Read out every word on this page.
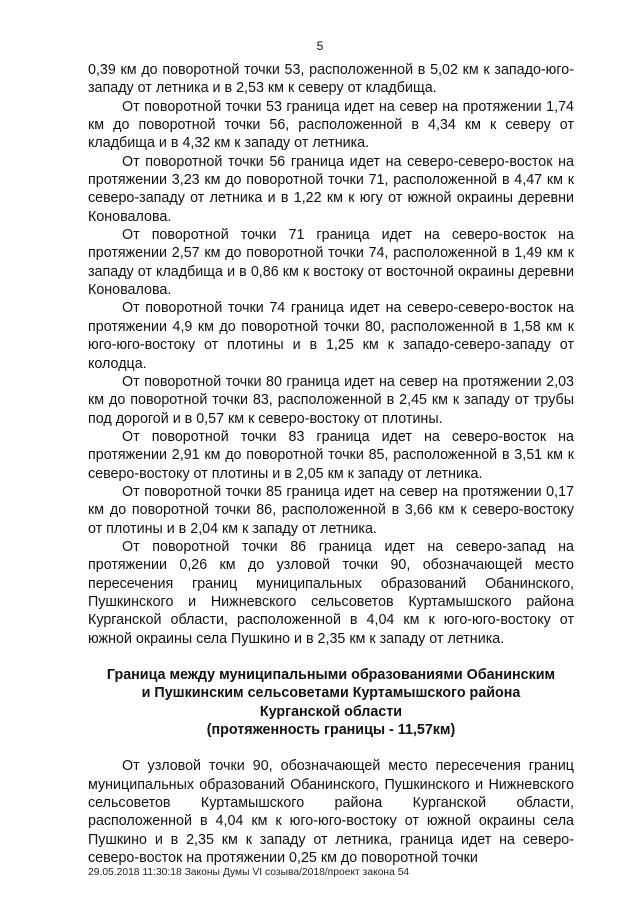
5

0,39 км до поворотной точки 53, расположенной в 5,02 км к западо-юго-западу от летника и в 2,53 км к северу от кладбища.

От поворотной точки 53 граница идет на север на протяжении 1,74 км до поворотной точки 56, расположенной в 4,34 км к северу от кладбища и в 4,32 км к западу от летника.

От поворотной точки 56 граница идет на северо-северо-восток на протяжении 3,23 км до поворотной точки 71, расположенной в 4,47 км к северо-западу от летника и в 1,22 км к югу от южной окраины деревни Коновалова.

От поворотной точки 71 граница идет на северо-восток на протяжении 2,57 км до поворотной точки 74, расположенной в 1,49 км к западу от кладбища и в 0,86 км к востоку от восточной окраины деревни Коновалова.

От поворотной точки 74 граница идет на северо-северо-восток на протяжении 4,9 км до поворотной точки 80, расположенной в 1,58 км к юго-юго-востоку от плотины и в 1,25 км к западо-северо-западу от колодца.

От поворотной точки 80 граница идет на север на протяжении 2,03 км до поворотной точки 83, расположенной в 2,45 км к западу от трубы под дорогой и в 0,57 км к северо-востоку от плотины.

От поворотной точки 83 граница идет на северо-восток на протяжении 2,91 км до поворотной точки 85, расположенной в 3,51 км к северо-востоку от плотины и в 2,05 км к западу от летника.

От поворотной точки 85 граница идет на север на протяжении 0,17 км до поворотной точки 86, расположенной в 3,66 км к северо-востоку от плотины и в 2,04 км к западу от летника.

От поворотной точки 86 граница идет на северо-запад на протяжении 0,26 км до узловой точки 90, обозначающей место пересечения границ муниципальных образований Обанинского, Пушкинского и Нижневского сельсоветов Куртамышского района Курганской области, расположенной в 4,04 км к юго-юго-востоку от южной окраины села Пушкино и в 2,35 км к западу от летника.

Граница между муниципальными образованиями Обанинским
и Пушкинским сельсоветами Куртамышского района
Курганской области
(протяженность границы - 11,57км)

От узловой точки 90, обозначающей место пересечения границ муниципальных образований Обанинского, Пушкинского и Нижневского сельсоветов Куртамышского района Курганской области, расположенной в 4,04 км к юго-юго-востоку от южной окраины села Пушкино и в 2,35 км к западу от летника, граница идет на северо-северо-восток на протяжении 0,25 км до поворотной точки

29.05.2018 11:30:18 Законы Думы VI созыва/2018/проект закона 54
